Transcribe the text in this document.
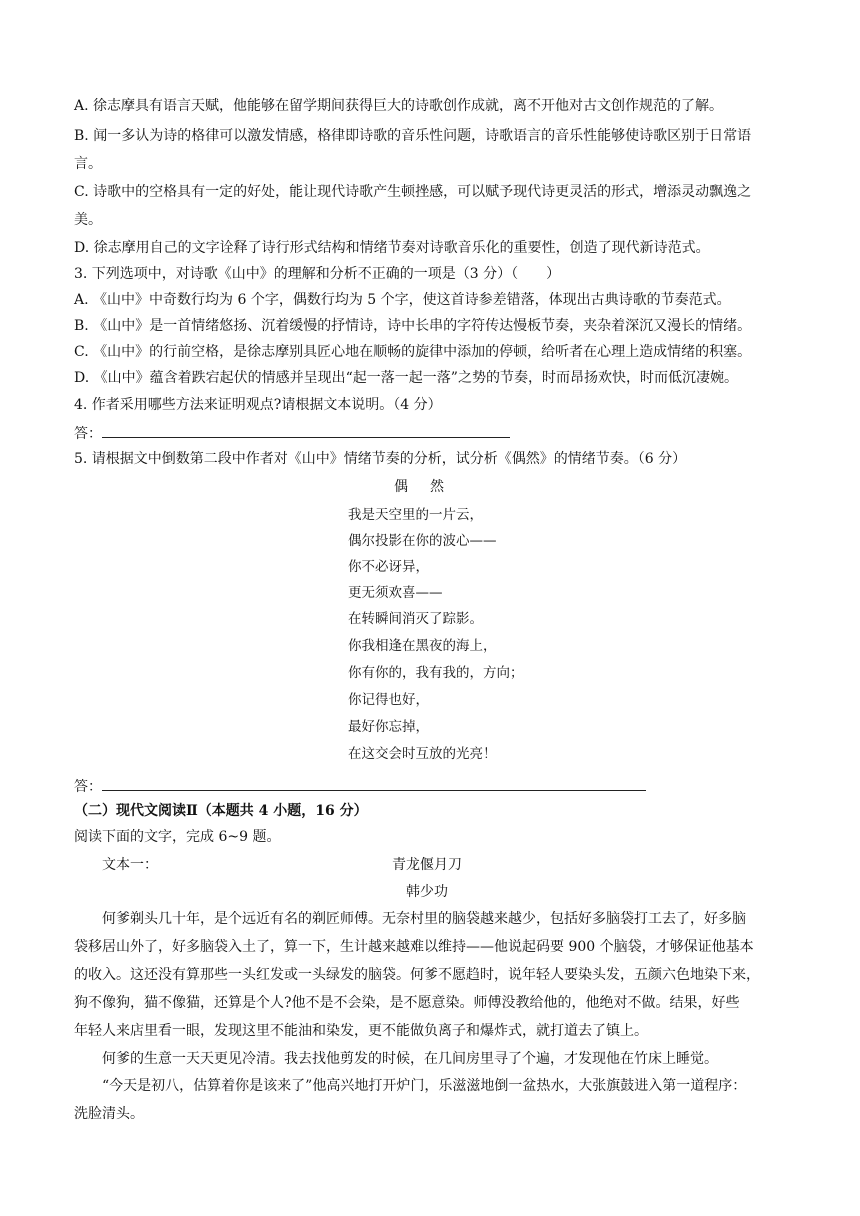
A. 徐志摩具有语言天赋，他能够在留学期间获得巨大的诗歌创作成就，离不开他对古文创作规范的了解。
B. 闻一多认为诗的格律可以激发情感，格律即诗歌的音乐性问题，诗歌语言的音乐性能够使诗歌区别于日常语
言。
C. 诗歌中的空格具有一定的好处，能让现代诗歌产生顿挫感，可以赋予现代诗更灵活的形式，增添灵动飘逸之
美。
D. 徐志摩用自己的文字诠释了诗行形式结构和情绪节奏对诗歌音乐化的重要性，创造了现代新诗范式。
3. 下列选项中，对诗歌《山中》的理解和分析不正确的一项是（3 分）（　　）
A. 《山中》中奇数行均为 6 个字，偶数行均为 5 个字，使这首诗参差错落，体现出古典诗歌的节奏范式。
B. 《山中》是一首情绪悠扬、沉着缓慢的抒情诗，诗中长串的字符传达慢板节奏，夹杂着深沉又漫长的情绪。
C. 《山中》的行前空格，是徐志摩别具匠心地在顺畅的旋律中添加的停顿，给听者在心理上造成情绪的积塞。
D. 《山中》蕴含着跌宕起伏的情感并呈现出“起一落一起一落”之势的节奏，时而昂扬欢快，时而低沉凄婉。
4. 作者采用哪些方法来证明观点?请根据文本说明。（4 分）
答：
5. 请根据文中倒数第二段中作者对《山中》情绪节奏的分析，试分析《偶然》的情绪节奏。（6 分）
偶　然
我是天空里的一片云，
偶尔投影在你的波心——
你不必讶异，
更无须欢喜——
在转瞬间消灭了踪影。
你我相逢在黑夜的海上，
你有你的，我有我的，方向；
你记得也好，
最好你忘掉，
在这交会时互放的光亮！
答：
（二）现代文阅读Ⅱ（本题共 4 小题，16 分）
阅读下面的文字，完成 6~9 题。
文本一：	青龙偃月刀
韩少功
何爹剃头几十年，是个远近有名的剃匠师傅。无奈村里的脑袋越来越少，包括好多脑袋打工去了，好多脑
袋移居山外了，好多脑袋入土了，算一下，生计越来越难以维持——他说起码要 900 个脑袋，才够保证他基本
的收入。这还没有算那些一头红发或一头绿发的脑袋。何爹不愿趋时，说年轻人要染头发，五颜六色地染下来，
狗不像狗，猫不像猫，还算是个人?他不是不会染，是不愿意染。师傅没教给他的，他绝对不做。结果，好些
年轻人来店里看一眼，发现这里不能油和染发，更不能做负离子和爆炸式，就打道去了镇上。
何爹的生意一天天更见冷清。我去找他剪发的时候，在几间房里寻了个遍，才发现他在竹床上睡觉。
“今天是初八，估算着你是该来了”他高兴地打开炉门，乐滋滋地倒一盆热水，大张旗鼓进入第一道程序：
洗脸清头。
